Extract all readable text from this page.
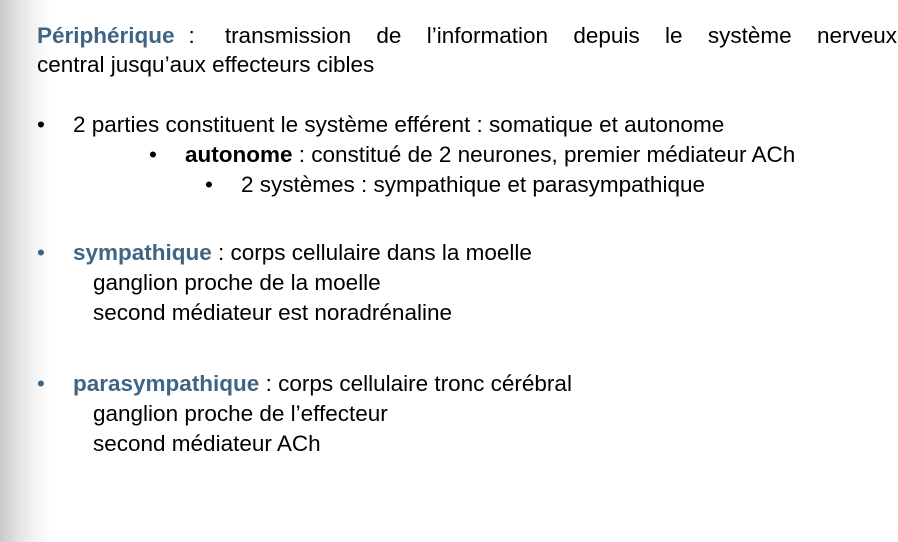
Périphérique : transmission de l’information depuis le système nerveux
central jusqu’aux effecteurs cibles
• 2 parties constituent le système efférent : somatique et autonome
• autonome : constitué de 2 neurones, premier médiateur ACh
• 2 systèmes : sympathique et parasympathique
• sympathique : corps cellulaire dans la moelle
ganglion proche de la moelle
second médiateur est noradrénaline
• parasympathique : corps cellulaire tronc cérébral
ganglion proche de l’effecteur
second médiateur ACh
